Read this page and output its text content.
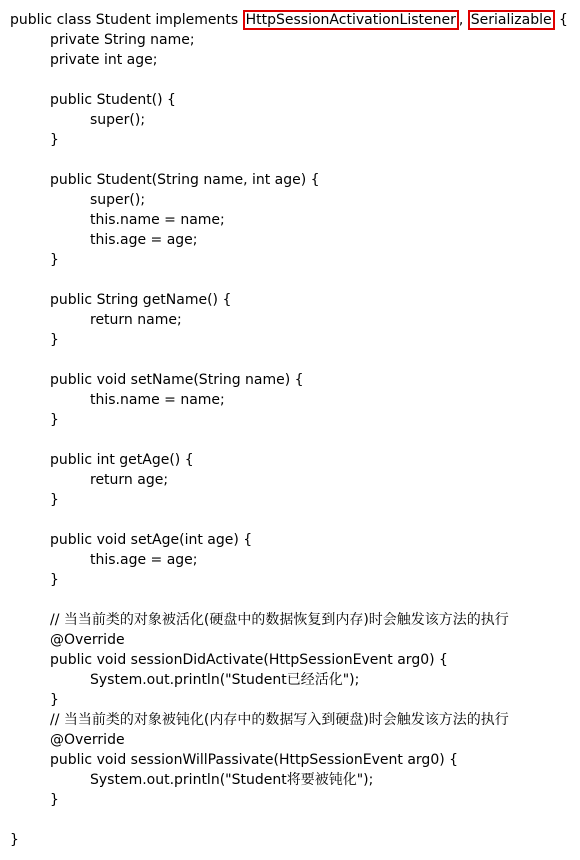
public class Student implements HttpSessionActivationListener , Serializable {
private String name;
private int age;
public Student() {
super();
}
public Student(String name, int age) {
super();
this.name = name;
this.age = age;
}
public String getName() {
return name;
}
public void setName(String name) {
this.name = name;
}
public int getAge() {
return age;
}
public void setAge(int age) {
this.age = age;
}
// 当当前类的对象被活化(硬盘中的数据恢复到内存)时会触发该方法的执行
@Override
public void sessionDidActivate(HttpSessionEvent arg0) {
System.out.println("Student已经活化");
}
// 当当前类的对象被钝化(内存中的数据写入到硬盘)时会触发该方法的执行
@Override
public void sessionWillPassivate(HttpSessionEvent arg0) {
System.out.println("Student将要被钝化");
}
}
